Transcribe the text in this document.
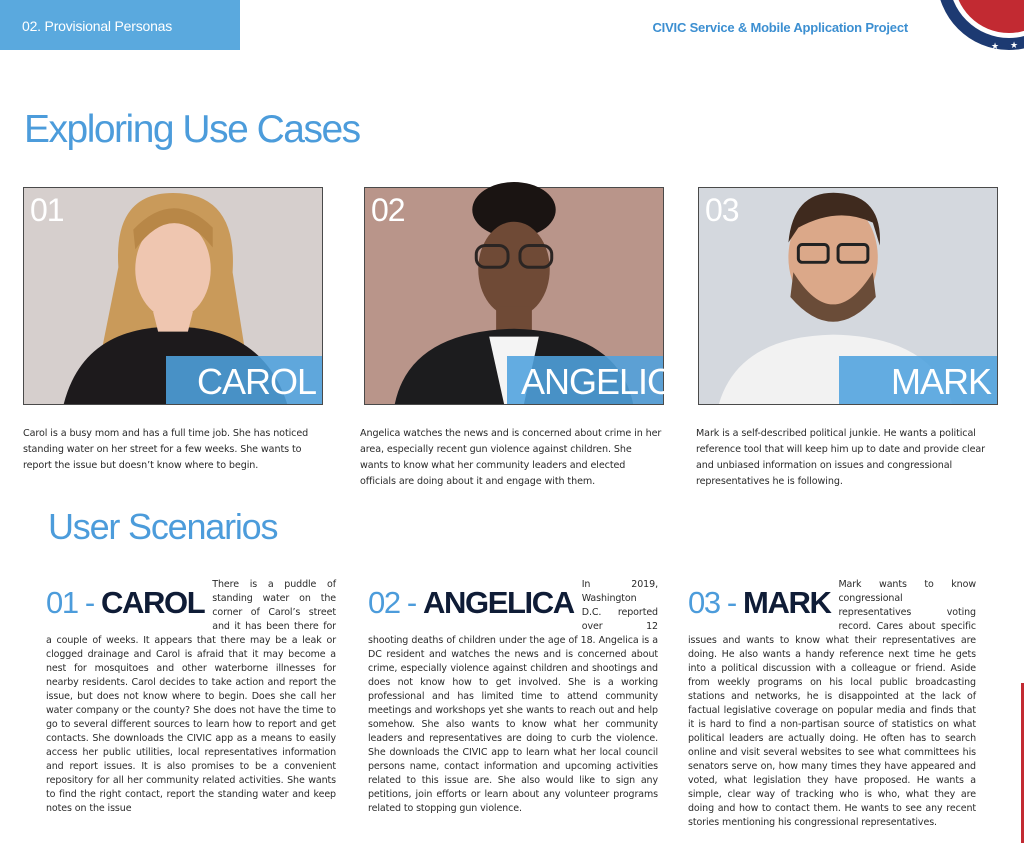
02. Provisional Personas	CIVIC Service & Mobile Application Project
★
★
★ ★ ★ ★
Exploring Use Cases
01
CAROL
02
ANGELICA
03
MARK

Carol is a busy mom and has a full time job. She has noticed standing water on her street for a few weeks. She wants to report the issue but doesn’t know where to begin.

Angelica watches the news and is concerned about crime in her area, especially recent gun violence against children. She wants to know what her community leaders and elected officials are doing about it and engage with them.

Mark is a self-described political junkie. He wants a political reference tool that will keep him up to date and provide clear and unbiased information on issues and congressional representatives he is following.

User Scenarios
01 - CAROL
There is a puddle of standing water on the corner of Carol’s street and it has been there for a couple of weeks. It appears that there may be a leak or clogged drainage and Carol is afraid that it may become a nest for mosquitoes and other waterborne illnesses for nearby residents. Carol decides to take action and report the issue, but does not know where to begin. Does she call her water company or the county? She does not have the time to go to several different sources to learn how to report and get contacts. She downloads the CIVIC app as a means to easily access her public utilities, local representatives information and report issues. It is also promises to be a convenient repository for all her community related activities. She wants to find the right contact, report the standing water and keep notes on the issue
02 - ANGELICA
In 2019, Washington D.C. reported over 12 shooting deaths of children under the age of 18. Angelica is a DC resident and watches the news and is concerned about crime, especially violence against children and shootings and does not know how to get involved. She is a working professional and has limited time to attend community meetings and workshops yet she wants to reach out and help somehow. She also wants to know what her community leaders and representatives are doing to curb the violence. She downloads the CIVIC app to learn what her local council persons name, contact information and upcoming activities related to this issue are. She also would like to sign any petitions, join efforts or learn about any volunteer programs related to stopping gun violence.
03 - MARK
Mark wants to know congressional representatives voting record. Cares about specific issues and wants to know what their representatives are doing. He also wants a handy reference next time he gets into a political discussion with a colleague or friend. Aside from weekly programs on his local public broadcasting stations and networks, he is disappointed at the lack of factual legislative coverage on popular media and finds that it is hard to find a non-partisan source of statistics on what political leaders are actually doing. He often has to search online and visit several websites to see what committees his senators serve on, how many times they have appeared and voted, what legislation they have proposed. He wants a simple, clear way of tracking who is who, what they are doing and how to contact them. He wants to see any recent stories mentioning his congressional representatives.
